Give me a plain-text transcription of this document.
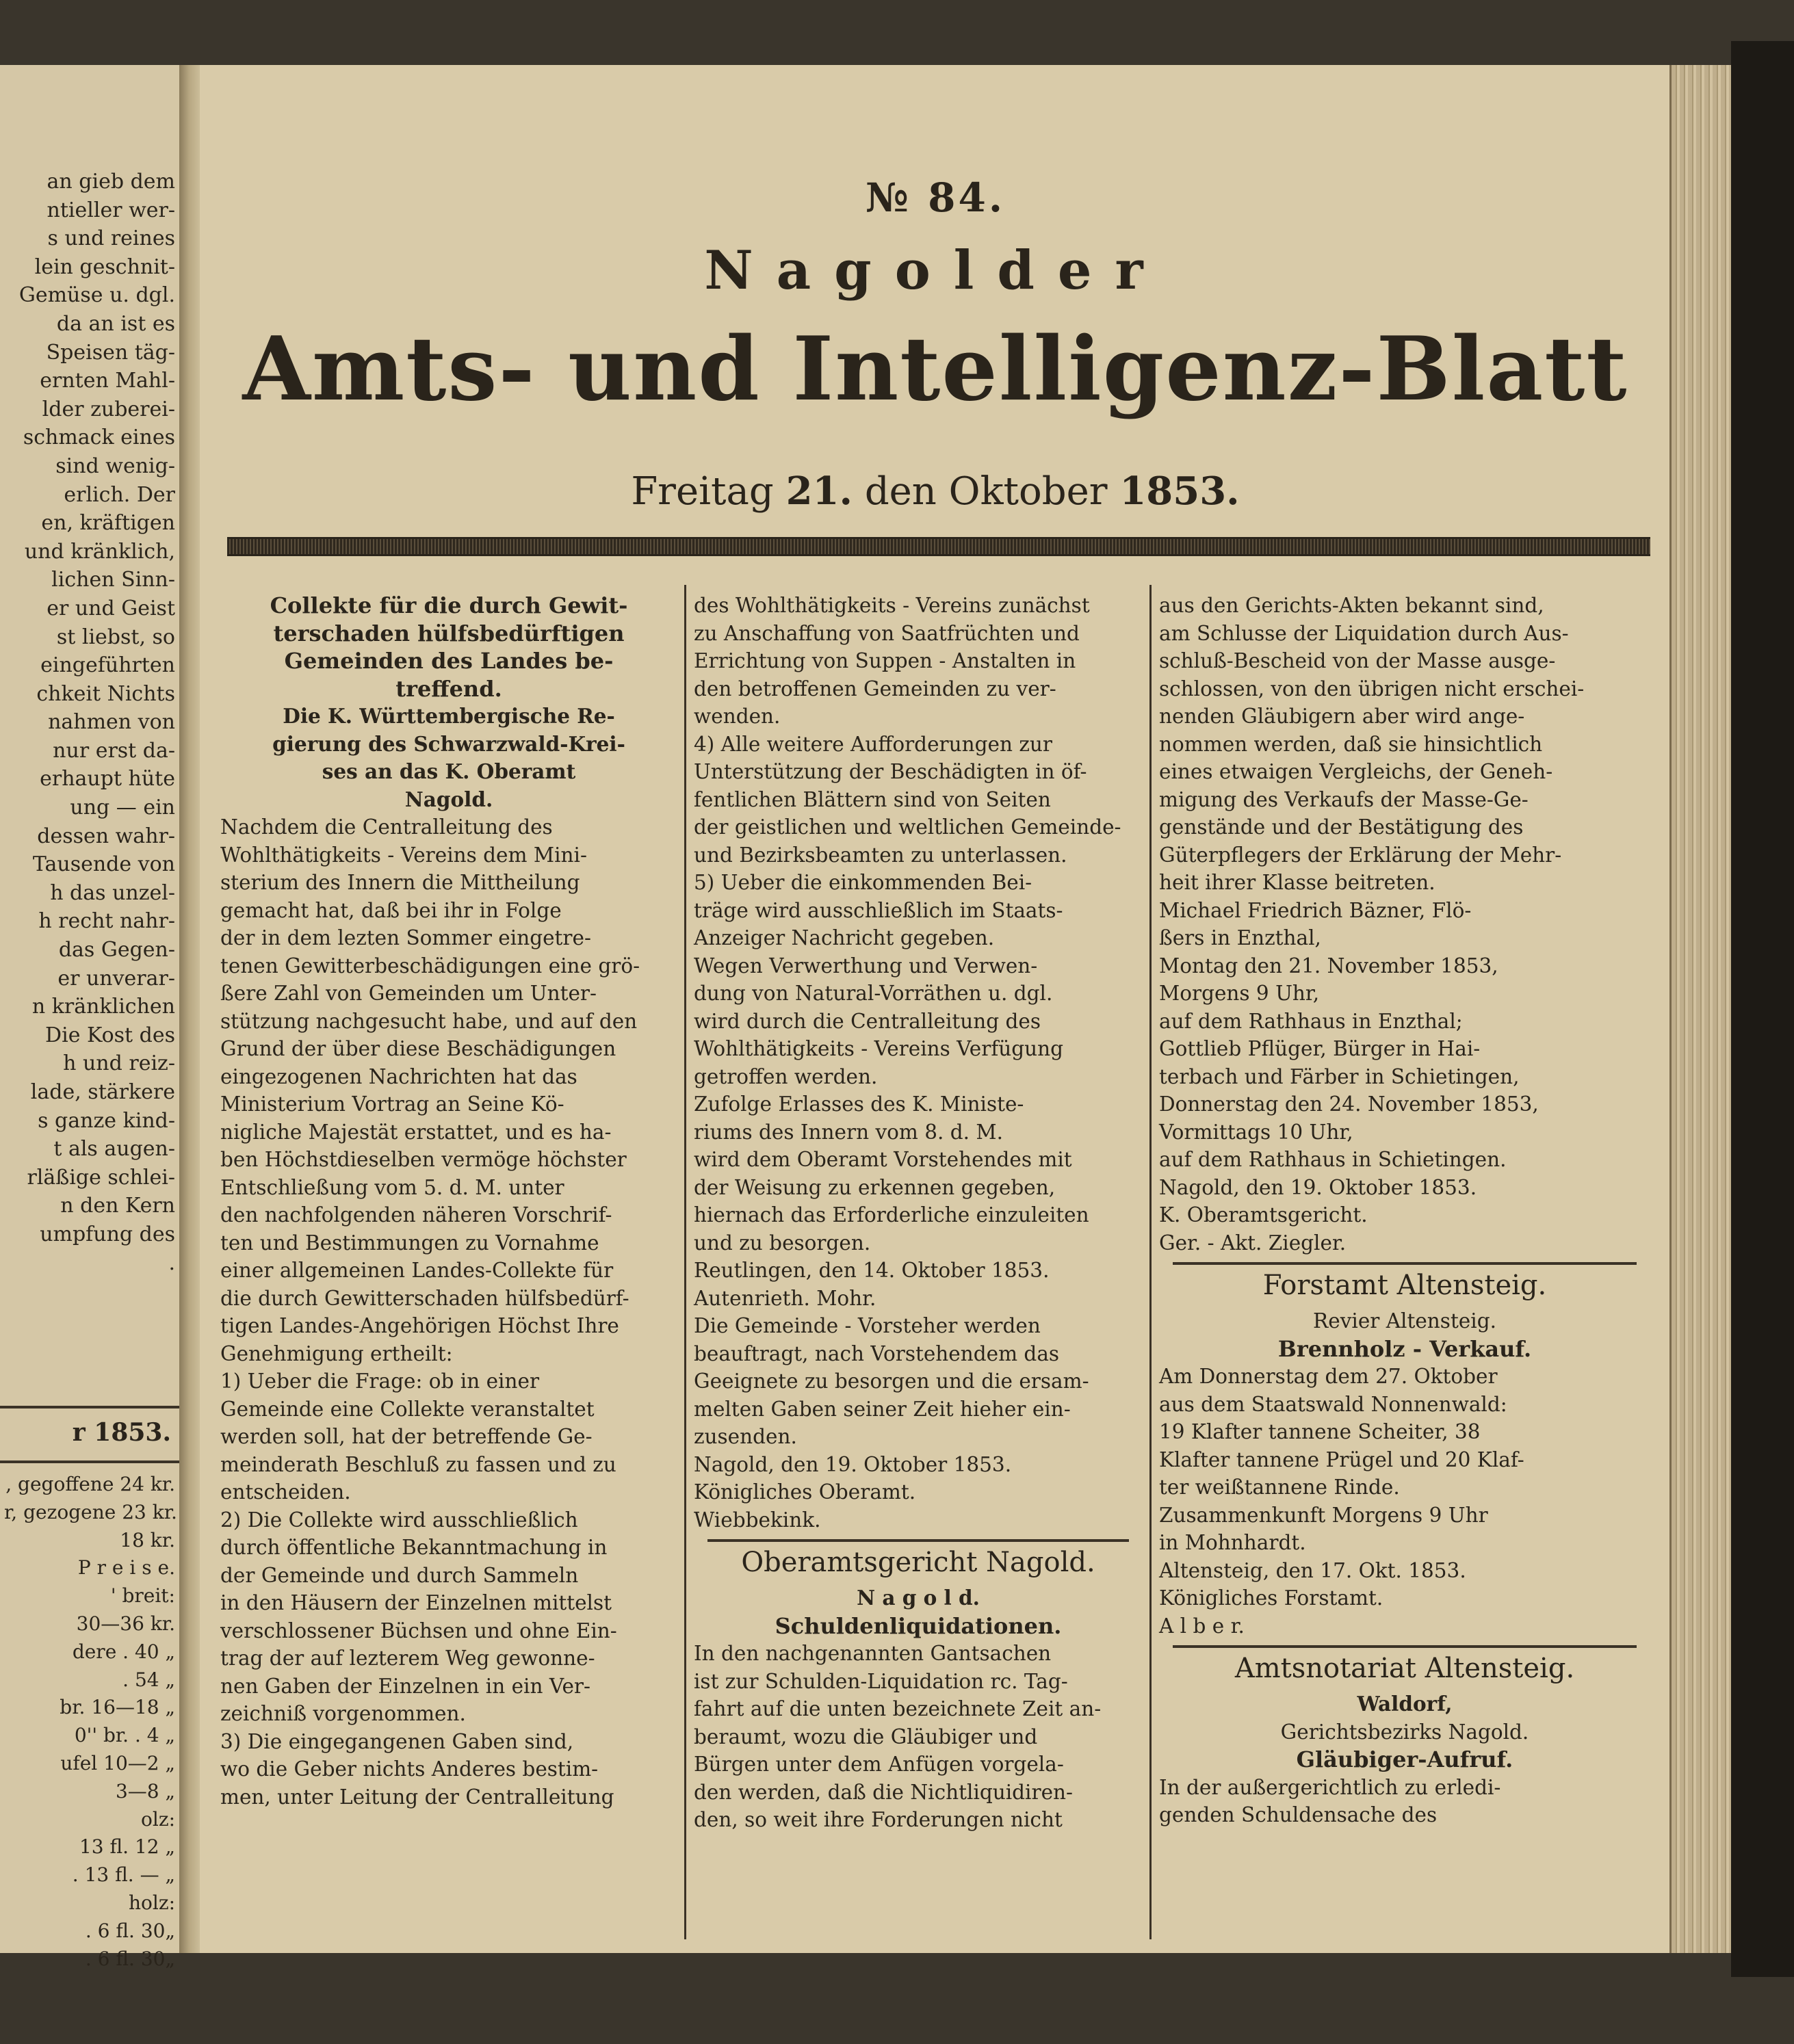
an gieb dem
ntieller wer-
s und reines
lein geschnit-
Gemüse u. dgl.
da an ist es
Speisen täg-
ernten Mahl-
lder zuberei-
schmack eines
sind wenig-
erlich. Der
en, kräftigen
und kränklich,
lichen Sinn-
er und Geist
st liebst, so
eingeführten
chkeit Nichts
nahmen von
nur erst da-
erhaupt hüte
ung — ein
dessen wahr-
Tausende von
h das unzel-
h recht nahr-
das Gegen-
er unverar-
n kränklichen
Die Kost des
h und reiz-
lade, stärkere
s ganze kind-
t als augen-
rläßige schlei-
n den Kern
umpfung des
.
r 1853.
, gegoffene 24 kr.
r, gezogene 23 kr.
18 kr.
P r e i s e.
' breit:
30—36 kr.
dere . 40 „
. 54 „
br. 16—18 „
0'' br. . 4 „
ufel 10—2 „
3—8 „
olz:
13 fl. 12 „
. 13 fl. — „
holz:
. 6 fl. 30„
. 6 fl. 30„
№ 84.
Nagolder
Amts- und Intelligenz-Blatt
Freitag 21. den Oktober 1853.
Collekte für die durch Gewit-
terschaden hülfsbedürftigen
Gemeinden des Landes be-
treffend.
Die K. Württembergische Re-
gierung des Schwarzwald-Krei-
ses an das K. Oberamt
Nagold.
Nachdem die Centralleitung des
Wohlthätigkeits - Vereins dem Mini-
sterium des Innern die Mittheilung
gemacht hat, daß bei ihr in Folge
der in dem lezten Sommer eingetre-
tenen Gewitterbeschädigungen eine grö-
ßere Zahl von Gemeinden um Unter-
stützung nachgesucht habe, und auf den
Grund der über diese Beschädigungen
eingezogenen Nachrichten hat das
Ministerium Vortrag an Seine Kö-
nigliche Majestät erstattet, und es ha-
ben Höchstdieselben vermöge höchster
Entschließung vom 5. d. M. unter
den nachfolgenden näheren Vorschrif-
ten und Bestimmungen zu Vornahme
einer allgemeinen Landes-Collekte für
die durch Gewitterschaden hülfsbedürf-
tigen Landes-Angehörigen Höchst Ihre
Genehmigung ertheilt:
1) Ueber die Frage: ob in einer
Gemeinde eine Collekte veranstaltet
werden soll, hat der betreffende Ge-
meinderath Beschluß zu fassen und zu
entscheiden.
2) Die Collekte wird ausschließlich
durch öffentliche Bekanntmachung in
der Gemeinde und durch Sammeln
in den Häusern der Einzelnen mittelst
verschlossener Büchsen und ohne Ein-
trag der auf lezterem Weg gewonne-
nen Gaben der Einzelnen in ein Ver-
zeichniß vorgenommen.
3) Die eingegangenen Gaben sind,
wo die Geber nichts Anderes bestim-
men, unter Leitung der Centralleitung
des Wohlthätigkeits - Vereins zunächst
zu Anschaffung von Saatfrüchten und
Errichtung von Suppen - Anstalten in
den betroffenen Gemeinden zu ver-
wenden.
4) Alle weitere Aufforderungen zur
Unterstützung der Beschädigten in öf-
fentlichen Blättern sind von Seiten
der geistlichen und weltlichen Gemeinde-
und Bezirksbeamten zu unterlassen.
5) Ueber die einkommenden Bei-
träge wird ausschließlich im Staats-
Anzeiger Nachricht gegeben.
Wegen Verwerthung und Verwen-
dung von Natural-Vorräthen u. dgl.
wird durch die Centralleitung des
Wohlthätigkeits - Vereins Verfügung
getroffen werden.
Zufolge Erlasses des K. Ministe-
riums des Innern vom 8. d. M.
wird dem Oberamt Vorstehendes mit
der Weisung zu erkennen gegeben,
hiernach das Erforderliche einzuleiten
und zu besorgen.
Reutlingen, den 14. Oktober 1853.
Autenrieth. Mohr.
Die Gemeinde - Vorsteher werden
beauftragt, nach Vorstehendem das
Geeignete zu besorgen und die ersam-
melten Gaben seiner Zeit hieher ein-
zusenden.
Nagold, den 19. Oktober 1853.
Königliches Oberamt.
Wiebbekink.
Oberamtsgericht Nagold.
N a g o l d.
Schuldenliquidationen.
In den nachgenannten Gantsachen
ist zur Schulden-Liquidation rc. Tag-
fahrt auf die unten bezeichnete Zeit an-
beraumt, wozu die Gläubiger und
Bürgen unter dem Anfügen vorgela-
den werden, daß die Nichtliquidiren-
den, so weit ihre Forderungen nicht
aus den Gerichts-Akten bekannt sind,
am Schlusse der Liquidation durch Aus-
schluß-Bescheid von der Masse ausge-
schlossen, von den übrigen nicht erschei-
nenden Gläubigern aber wird ange-
nommen werden, daß sie hinsichtlich
eines etwaigen Vergleichs, der Geneh-
migung des Verkaufs der Masse-Ge-
genstände und der Bestätigung des
Güterpflegers der Erklärung der Mehr-
heit ihrer Klasse beitreten.
Michael Friedrich Bäzner, Flö-
ßers in Enzthal,
Montag den 21. November 1853,
Morgens 9 Uhr,
auf dem Rathhaus in Enzthal;
Gottlieb Pflüger, Bürger in Hai-
terbach und Färber in Schietingen,
Donnerstag den 24. November 1853,
Vormittags 10 Uhr,
auf dem Rathhaus in Schietingen.
Nagold, den 19. Oktober 1853.
K. Oberamtsgericht.
Ger. - Akt. Ziegler.
Forstamt Altensteig.
Revier Altensteig.
Brennholz - Verkauf.
Am Donnerstag dem 27. Oktober
aus dem Staatswald Nonnenwald:
19 Klafter tannene Scheiter, 38
Klafter tannene Prügel und 20 Klaf-
ter weißtannene Rinde.
Zusammenkunft Morgens 9 Uhr
in Mohnhardt.
Altensteig, den 17. Okt. 1853.
Königliches Forstamt.
A l b e r.
Amtsnotariat Altensteig.
Waldorf,
Gerichtsbezirks Nagold.
Gläubiger-Aufruf.
In der außergerichtlich zu erledi-
genden Schuldensache des
